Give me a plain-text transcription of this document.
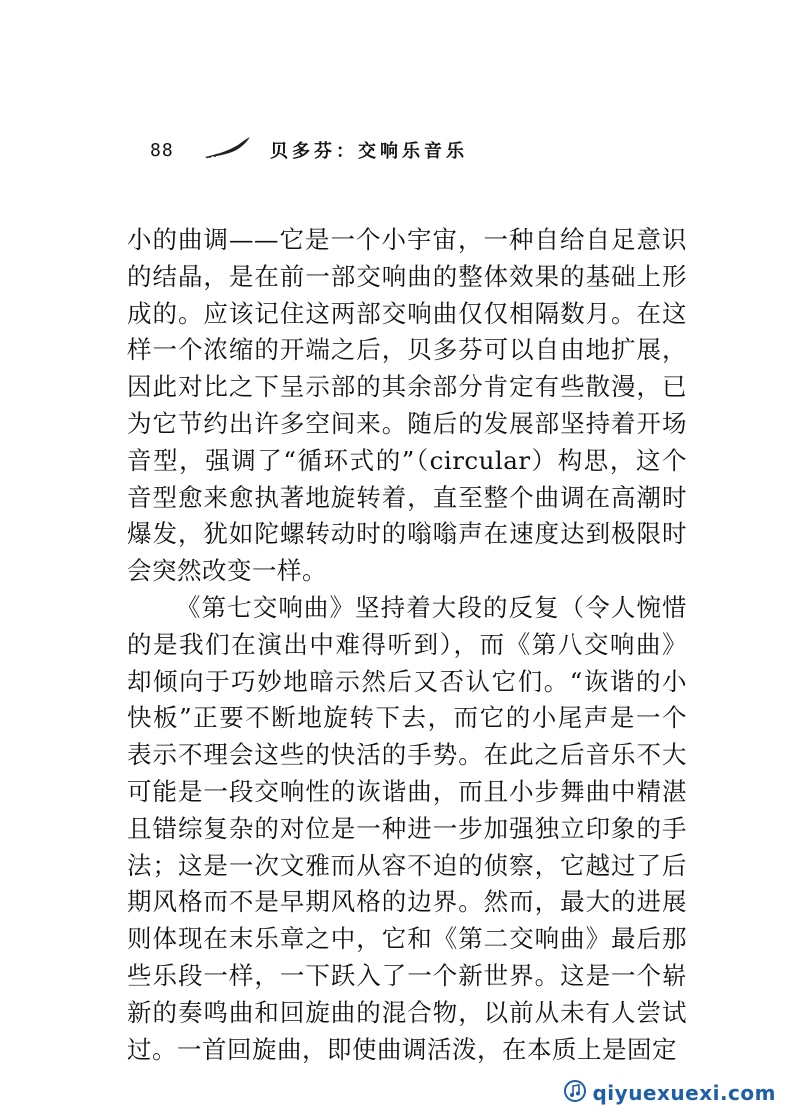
88	贝多芬：交响乐音乐

小的曲调——它是一个小宇宙，一种自给自足意识的结晶，是在前一部交响曲的整体效果的基础上形成的。应该记住这两部交响曲仅仅相隔数月。在这样一个浓缩的开端之后，贝多芬可以自由地扩展，因此对比之下呈示部的其余部分肯定有些散漫，已为它节约出许多空间来。随后的发展部坚持着开场音型，强调了“循环式的”（circular）构思，这个音型愈来愈执著地旋转着，直至整个曲调在高潮时爆发，犹如陀螺转动时的嗡嗡声在速度达到极限时会突然改变一样。

《第七交响曲》坚持着大段的反复（令人惋惜的是我们在演出中难得听到），而《第八交响曲》却倾向于巧妙地暗示然后又否认它们。“诙谐的小快板”正要不断地旋转下去，而它的小尾声是一个表示不理会这些的快活的手势。在此之后音乐不大可能是一段交响性的诙谐曲，而且小步舞曲中精湛且错综复杂的对位是一种进一步加强独立印象的手法；这是一次文雅而从容不迫的侦察，它越过了后期风格而不是早期风格的边界。然而，最大的进展则体现在末乐章之中，它和《第二交响曲》最后那些乐段一样，一下跃入了一个新世界。这是一个崭新的奏鸣曲和回旋曲的混合物，以前从未有人尝试过。一首回旋曲，即使曲调活泼，在本质上是固定

qiyuexuexi.com
